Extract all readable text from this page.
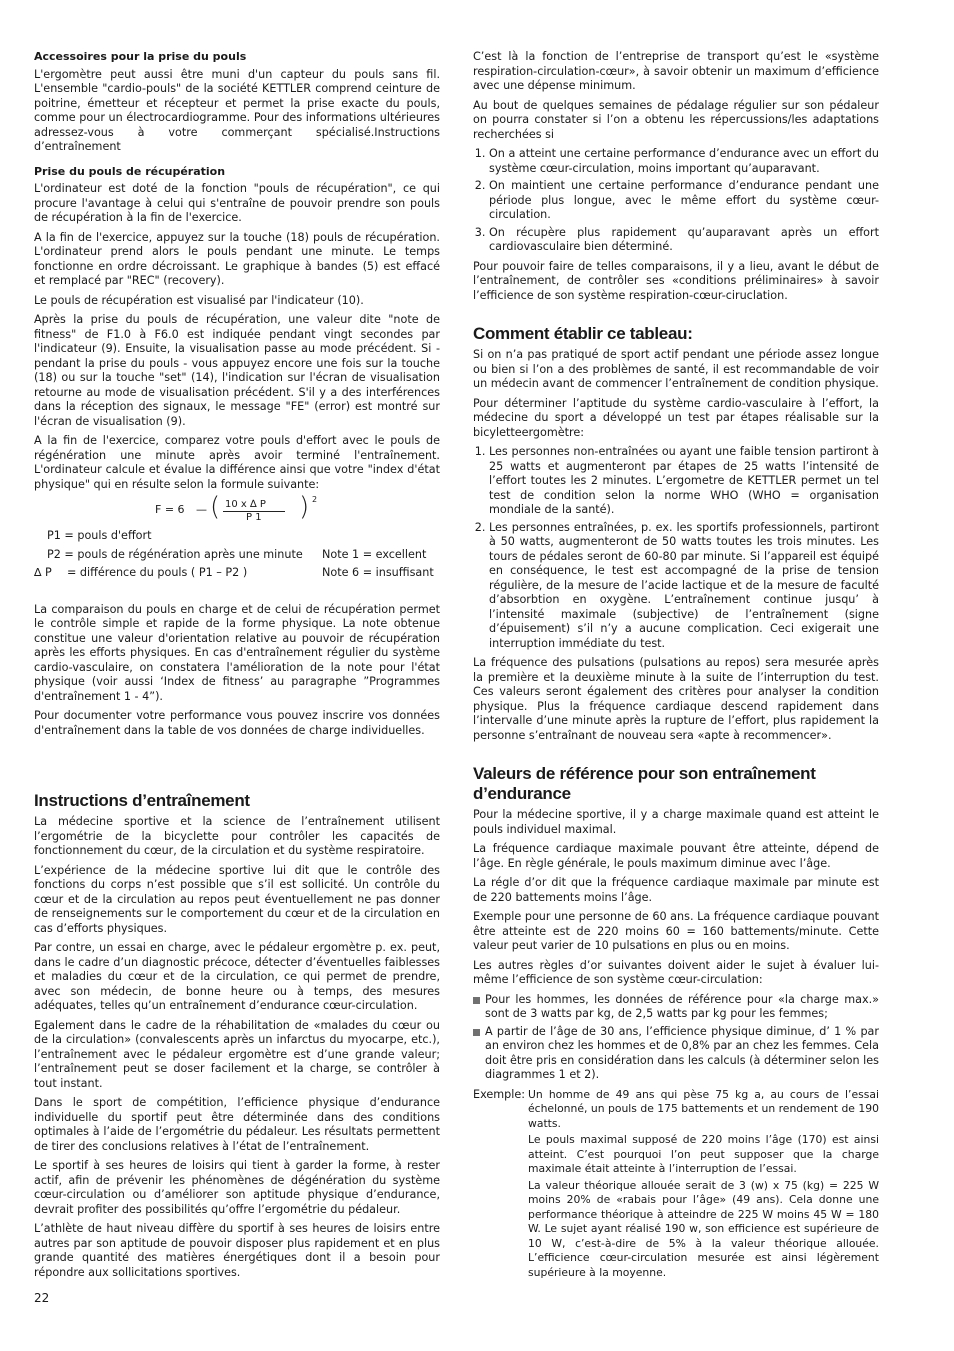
Accessoires pour la prise du pouls

L'ergomètre peut aussi être muni d'un capteur du pouls sans fil. L'ensemble "cardio-pouls" de la société KETTLER comprend ceinture de poitrine, émetteur et récepteur et permet la prise exacte du pouls, comme pour un électrocardiogramme. Pour des informations ultérieures adressez-vous à votre commerçant spécialisé.Instructions d’entraînement

Prise du pouls de récupération

L'ordinateur est doté de la fonction "pouls de récupération", ce qui procure l'avantage à celui qui s'entraîne de pouvoir prendre son pouls de récupération à la fin de l'exercice.

A la fin de l'exercice, appuyez sur la touche (18) pouls de récupération. L'ordinateur prend alors le pouls pendant une minute. Le temps fonctionne en ordre décroissant. Le graphique à bandes (5) est effacé et remplacé par "REC" (recovery).

Le pouls de récupération est visualisé par l'indicateur (10).

Après la prise du pouls de récupération, une valeur dite "note de fitness" de F1.0 à F6.0 est indiquée pendant vingt secondes par l'indicateur (9). Ensuite, la visualisation passe au mode précédent. Si - pendant la prise du pouls - vous appuyez encore une fois sur la touche (18) ou sur la touche "set" (14), l'indication sur l'écran de visualisation retourne au mode de visualisation précédent. S'il y a des interférences dans la réception des signaux, le message "FE" (error) est montré sur l'écran de visualisation (9).

A la fin de l'exercice, comparez votre pouls d'effort avec le pouls de régénération une minute après avoir terminé l'entraînement. L'ordinateur calcule et évalue la différence ainsi que votre "index d'état physique" qui en résulte selon la formule suivante:

F = 6 — ( 10 x ∆ P
P 1 ) 2
P1 = pouls d'effort
P2 = pouls de régénération après une minute Note 1 = excellent
∆ P = différence du pouls ( P1 – P2 )	Note 6 = insuffisant

La comparaison du pouls en charge et de celui de récupération permet le contrôle simple et rapide de la forme physique. La note obtenue constitue une valeur d'orientation relative au pouvoir de récupération après les efforts physiques. En cas d'entraînement régulier du système cardio-vasculaire, on constatera l'amélioration de la note pour l'état physique (voir aussi ‘Index de fitness’ au paragraphe ”Programmes d'entraînement 1 - 4”).

Pour documenter votre performance vous pouvez inscrire vos données d'entraînement dans la table de vos données de charge individuelles.

Instructions d’entraînement

La médecine sportive et la science de l’entraînement utilisent l’ergométrie de la bicyclette pour contrôler les capacités de fonctionnement du cœur, de la circulation et du système respiratoire.

L’expérience de la médecine sportive lui dit que le contrôle des fonctions du corps n’est possible que s’il est sollicité. Un contrôle du cœur et de la circulation au repos peut éventuellement ne pas donner de renseignements sur le comportement du cœur et de la circulation en cas d’efforts physiques.

Par contre, un essai en charge, avec le pédaleur ergomètre p. ex. peut, dans le cadre d’un diagnostic précoce, détecter d’éventuelles faiblesses et maladies du cœur et de la circulation, ce qui permet de prendre, avec son médecin, de bonne heure ou à temps, des mesures adéquates, telles qu’un entraînement d’endurance cœur-circulation.

Egalement dans le cadre de la réhabilitation de «malades du cœur ou de la circulation» (convalescents après un infarctus du myocarpe, etc.), l’entraînement avec le pédaleur ergomètre est d’une grande valeur; l’entraînement peut se doser facilement et la charge, se contrôler à tout instant.

Dans le sport de compétition, l’efficience physique d’endurance individuelle du sportif peut être déterminée dans des conditions optimales à l’aide de l’ergométrie du pédaleur. Les résultats permettent de tirer des conclusions relatives à l’état de l’entraînement.

Le sportif à ses heures de loisirs qui tient à garder la forme, à rester actif, afin de prévenir les phénomènes de dégénération du système cœur-circulation ou d’améliorer son aptitude physique d’endurance, devrait profiter des possibilités qu’offre l’ergométrie du pédaleur.

L’athlète de haut niveau diffère du sportif à ses heures de loisirs entre autres par son aptitude de pouvoir disposer plus rapidement et en plus grande quantité des matières énergétiques dont il a besoin pour répondre aux sollicitations sportives.

C’est là la fonction de l’entreprise de transport qu’est le «système respiration-circulation-cœur», à savoir obtenir un maximum d’efficience avec une dépense minimum.

Au bout de quelques semaines de pédalage régulier sur son pédaleur on pourra constater si l’on a obtenu les répercussions/les adaptations recherchées si

1. On a atteint une certaine performance d’endurance avec un effort du système cœur-circulation, moins important qu’auparavant.
2. On maintient une certaine performance d’endurance pendant une période plus longue, avec le même effort du système cœur-circulation.
3. On récupère plus rapidement qu’auparavant après un effort cardiovasculaire bien déterminé.

Pour pouvoir faire de telles comparaisons, il y a lieu, avant le début de l’entraînement, de contrôler ses «conditions préliminaires» à savoir l’efficience de son système respiration-cœur-ciruclation.

Comment établir ce tableau:

Si on n’a pas pratiqué de sport actif pendant une période assez longue ou bien si l’on a des problèmes de santé, il est recommandable de voir un médecin avant de commencer l’entraînement de condition physique.

Pour déterminer l’aptitude du système cardio-vasculaire à l’effort, la médecine du sport a développé un test par étapes réalisable sur la bicyletteergomètre:

1. Les personnes non-entraînées ou ayant une faible tension partiront à 25 watts et augmenteront par étapes de 25 watts l’intensité de l’effort toutes les 2 minutes. L’ergometre de KETTLER permet un tel test de condition selon la norme WHO (WHO = organisation mondiale de la santé).
2. Les personnes entraînées, p. ex. les sportifs professionnels, partiront à 50 watts, augmenteront de 50 watts toutes les trois minutes. Les tours de pédales seront de 60-80 par minute. Si l’appareil est équipé en conséquence, le test est accompagné de la prise de tension régulière, de la mesure de l’acide lactique et de la mesure de faculté d’absorbtion en oxygène. L’entraînement continue jusqu’ à l’intensité maximale (subjective) de l’entraînement (signe d’épuisement) s’il n’y a aucune complication. Ceci exigerait une interruption immédiate du test.

La fréquence des pulsations (pulsations au repos) sera mesurée après la première et la deuxième minute à la suite de l’interruption du test. Ces valeurs seront également des critères pour analyser la condition physique. Plus la fréquence cardiaque descend rapidement dans l’intervalle d’une minute après la rupture de l’effort, plus rapidement la personne s’entraînant de nouveau sera «apte à recommencer».

Valeurs de référence pour son entraînement d’endurance

Pour la médecine sportive, il y a charge maximale quand est atteint le pouls individuel maximal.

La fréquence cardiaque maximale pouvant être atteinte, dépend de l’âge. En règle générale, le pouls maximum diminue avec l’âge.

La régle d’or dit que la fréquence cardiaque maximale par minute est de 220 battements moins l’âge.

Exemple pour une personne de 60 ans. La fréquence cardiaque pouvant être atteinte est de 220 moins 60 = 160 battements/minute. Cette valeur peut varier de 10 pulsations en plus ou en moins.

Les autres règles d’or suivantes doivent aider le sujet à évaluer lui-même l’efficience de son système cœur-circulation:

Pour les hommes, les données de référence pour «la charge max.» sont de 3 watts par kg, de 2,5 watts par kg pour les femmes;
A partir de l’âge de 30 ans, l’efficience physique diminue, d’ 1 % par an environ chez les hommes et de 0,8% par an chez les femmes. Cela doit être pris en considération dans les calculs (à déterminer selon les diagrammes 1 et 2).
Exemple: Un homme de 49 ans qui pèse 75 kg a, au cours de l’essai échelonné, un pouls de 175 battements et un rendement de 190 watts.

Le pouls maximal supposé de 220 moins l’âge (170) est ainsi atteint. C’est pourquoi l’on peut supposer que la charge maximale était atteinte à l’interruption de l’essai.

La valeur théorique allouée serait de 3 (w) x 75 (kg) = 225 W moins 20% de «rabais pour l’âge» (49 ans). Cela donne une performance théorique à atteindre de 225 W moins 45 W = 180 W. Le sujet ayant réalisé 190 w, son efficience est supérieure de 10 W, c’est-à-dire de 5% à la valeur théorique allouée. L’efficience cœur-circulation mesurée est ainsi légèrement supérieure à la moyenne.

22
